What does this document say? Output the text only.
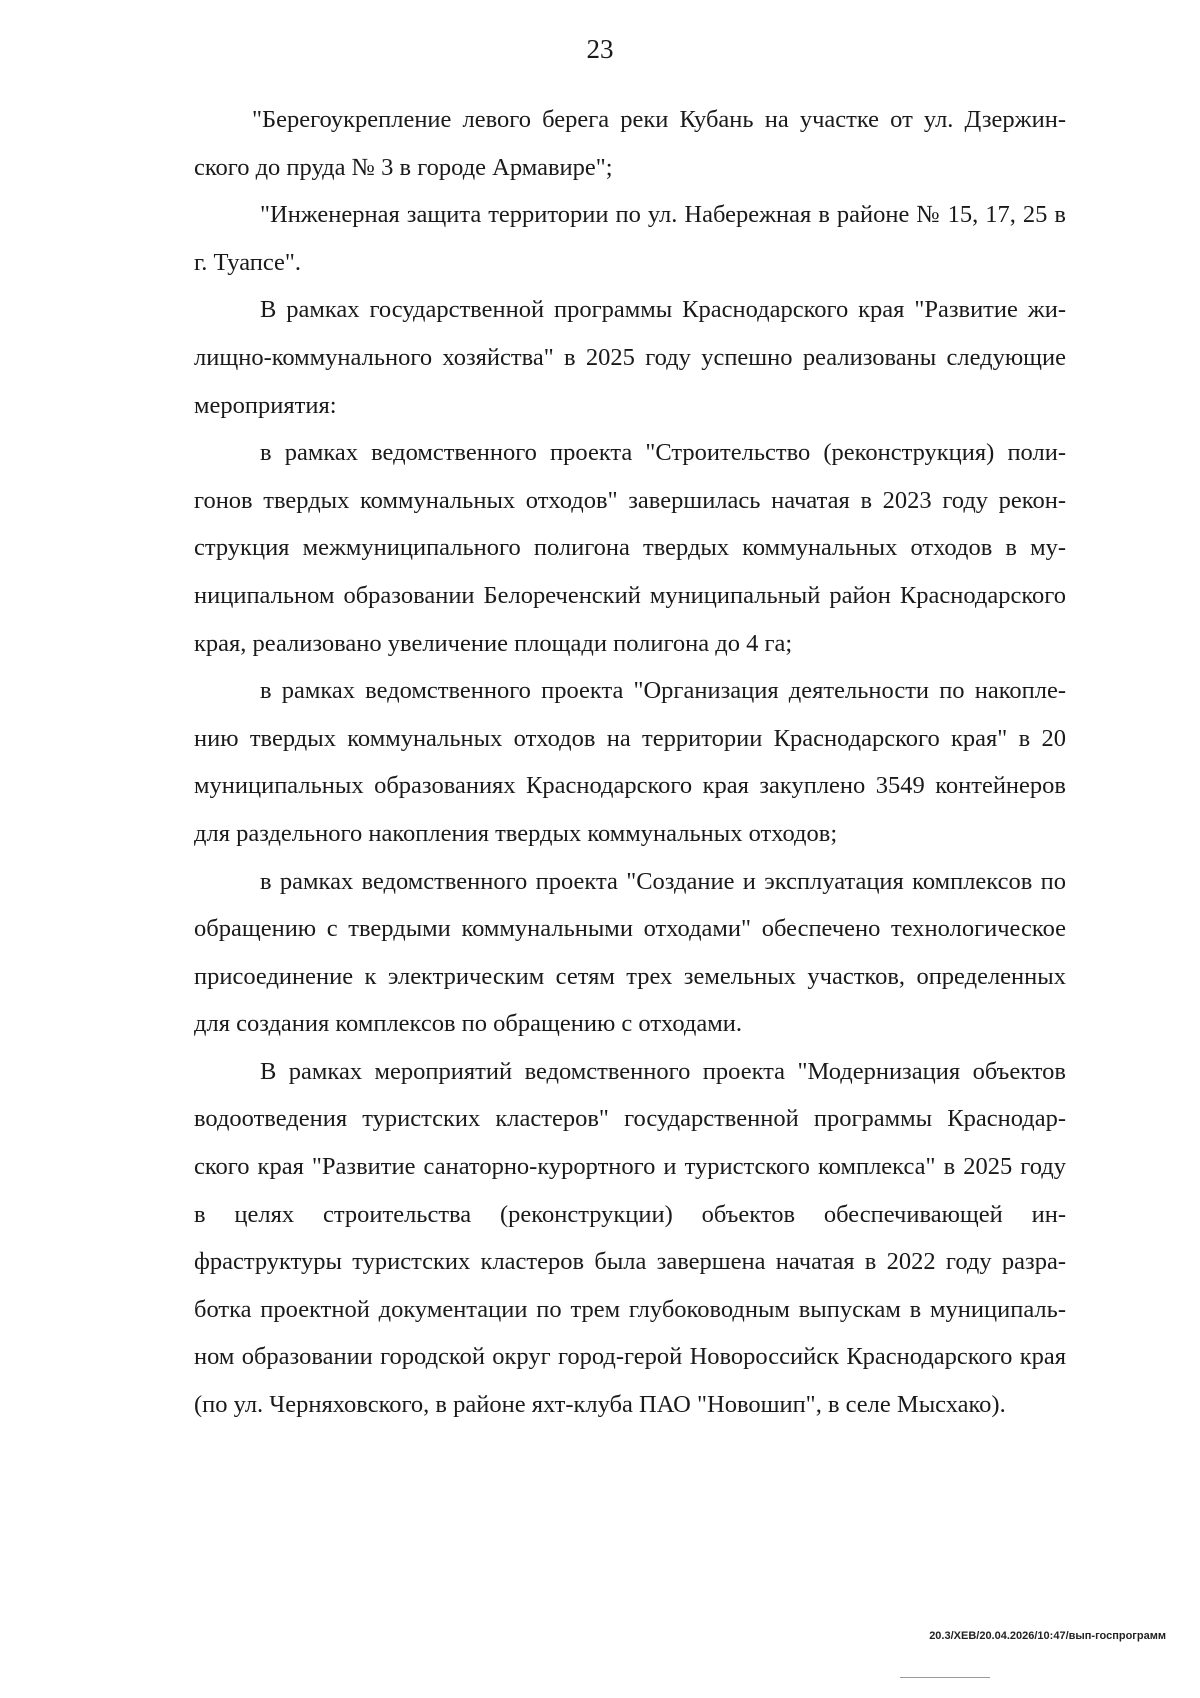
23

"Берегоукрепление левого берега реки Кубань на участке от ул. Дзержинского до пруда № 3 в городе Армавире";

"Инженерная защита территории по ул. Набережная в районе № 15, 17, 25 в г. Туапсе".

В рамках государственной программы Краснодарского края "Развитие жилищно-коммунального хозяйства" в 2025 году успешно реализованы следующие мероприятия:

в рамках ведомственного проекта "Строительство (реконструкция) полигонов твердых коммунальных отходов" завершилась начатая в 2023 году реконструкция межмуниципального полигона твердых коммунальных отходов в муниципальном образовании Белореченский муниципальный район Краснодарского края, реализовано увеличение площади полигона до 4 га;

в рамках ведомственного проекта "Организация деятельности по накоплению твердых коммунальных отходов на территории Краснодарского края" в 20 муниципальных образованиях Краснодарского края закуплено 3549 контейнеров для раздельного накопления твердых коммунальных отходов;

в рамках ведомственного проекта "Создание и эксплуатация комплексов по обращению с твердыми коммунальными отходами" обеспечено технологическое присоединение к электрическим сетям трех земельных участков, определенных для создания комплексов по обращению с отходами.

В рамках мероприятий ведомственного проекта "Модернизация объектов водоотведения туристских кластеров" государственной программы Краснодарского края "Развитие санаторно-курортного и туристского комплекса" в 2025 году в целях строительства (реконструкции) объектов обеспечивающей инфраструктуры туристских кластеров была завершена начатая в 2022 году разработка проектной документации по трем глубоководным выпускам в муниципальном образовании городской округ город-герой Новороссийск Краснодарского края (по ул. Черняховского, в районе яхт-клуба ПАО "Новошип", в селе Мысхако).

20.3/ХЕВ/20.04.2026/10:47/вып-госпрограмм
